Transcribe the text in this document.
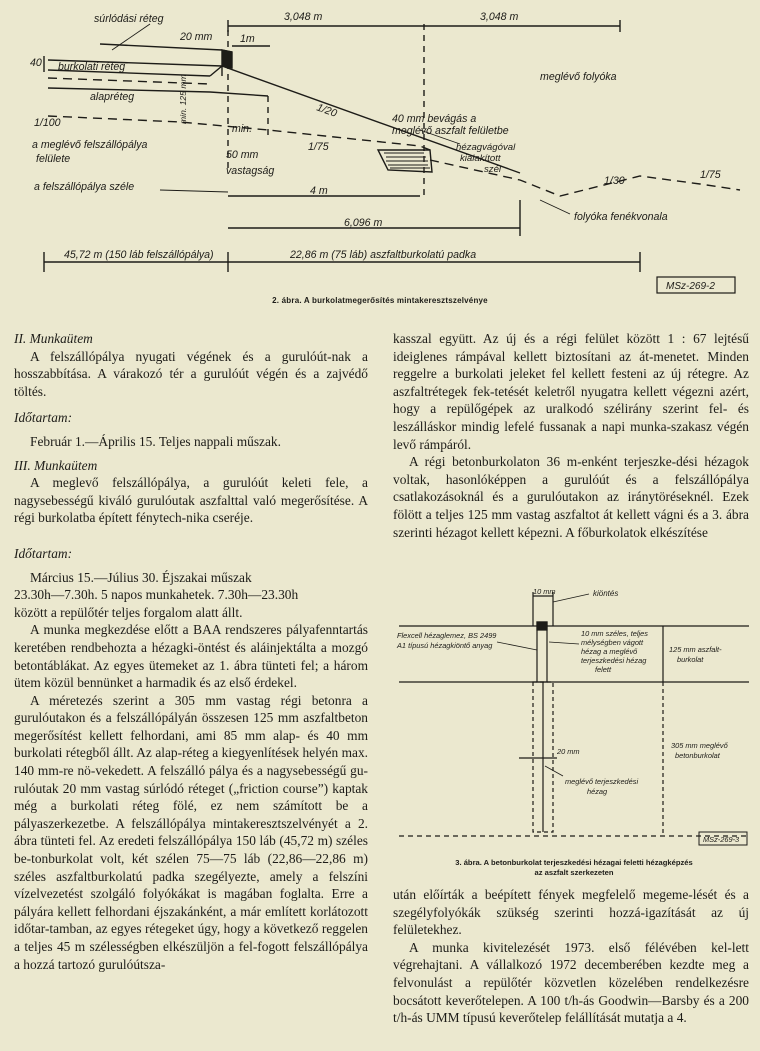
súrlódási réteg
20 mm	1m
3,048 m	3,048 m
40 burkolati réteg
alapréteg	min. 125 mm
1/100
1/20
a meglévő felszállópálya
felülete
min.
50 mm
vastagság
1/75
40 mm bevágás a
meglévő aszfalt felületbe
hézagvágóval
kialakított
szél
meglévő folyóka
a felszállópálya széle	4 m
1/30	1/75
folyóka fenékvonala
6,096 m
45,72 m (150 láb felszállópálya)	22,86 m (75 láb) aszfaltburkolatú padka
MSz-269-2
2. ábra. A burkolatmegerősítés mintakeresztszelvénye
II. Munkaütem

A felszállópálya nyugati végének és a gurulóút-nak a hosszabbítása. A várakozó tér a gurulóút végén és a zajvédő töltés.

Időtartam:

Február 1.—Április 15. Teljes nappali műszak.

III. Munkaütem

A meglevő felszállópálya, a gurulóút keleti fele, a nagysebességű kiváló gurulóutak aszfalttal való megerősítése. A régi burkolatba épített fénytech-nika cseréje.

Időtartam:

Március 15.—Július 30. Éjszakai műszak

23.30h—7.30h. 5 napos munkahetek. 7.30h—23.30h

között a repülőtér teljes forgalom alatt állt.

A munka megkezdése előtt a BAA rendszeres pályafenntartás keretében rendbehozta a hézagki-öntést és aláinjektálta a mozgó betontáblákat. Az egyes ütemeket az 1. ábra tünteti fel; a három ütem közül bennünket a harmadik és az első érdekel.

A méretezés szerint a 305 mm vastag régi betonra a gurulóutakon és a felszállópályán összesen 125 mm aszfaltbeton megerősítést kellett felhordani, ami 85 mm alap- és 40 mm burkolati rétegből állt. Az alap-réteg a kiegyenlítések helyén max. 140 mm-re nö-vekedett. A felszálló pálya és a nagysebességű gu-rulóutak 20 mm vastag súrlódó réteget („friction course”) kaptak még a burkolati réteg fölé, ez nem számított be a pályaszerkezetbe. A felszállópálya mintakeresztszelvényét a 2. ábra tünteti fel. Az eredeti felszállópálya 150 láb (45,72 m) széles be-tonburkolat volt, két szélen 75—75 láb (22,86—22,86 m) széles aszfaltburkolatú padka szegélyezte, amely a felszíni vízelvezetést szolgáló folyókákat is magában foglalta. Erre a pályára kellett felhordani éjszakánként, a már említett korlátozott időtar-tamban, az egyes rétegeket úgy, hogy a következő reggelen a teljes 45 m szélességben elkészüljön a fel-fogott felszállópálya a hozzá tartozó gurulóútsza-

kasszal együtt. Az új és a régi felület között 1 : 67 lejtésű ideiglenes rámpával kellett biztosítani az át-menetet. Minden reggelre a burkolati jeleket fel kellett festeni az új rétegre. Az aszfaltrétegek fek-tetését keletről nyugatra kellett végezni azért, hogy a repülőgépek az uralkodó szélirány szerint fel- és leszálláskor mindig lefelé fussanak a napi munka-szakasz végén levő rámpáról.

A régi betonburkolaton 36 m-enként terjeszke-dési hézagok voltak, hasonlóképpen a gurulóút és a felszállópálya csatlakozásoknál és a gurulóutakon az iránytöréseknél. Ezek fölött a teljes 125 mm vastag aszfaltot át kellett vágni és a 3. ábra szerinti hézagot kellett képezni. A főburkolatok elkészítése

10 mm	kiöntés
Flexcell hézaglemez, BS 2499
A1 típusú hézagkiöntő anyag
10 mm széles, teljes
mélységben vágott
hézag a meglévő
terjeszkedési hézag
felett
125 mm aszfalt-
burkolat
20 mm
305 mm meglévő
betonburkolat
meglévő terjeszkedési
hézag
MSz-269-3
3. ábra. A betonburkolat terjeszkedési hézagai feletti hézagképzés
az aszfalt szerkezeten

után előírták a beépített fények megfelelő megeme-lését és a szegélyfolyókák szükség szerinti hozzá-igazítását az új felületekhez.

A munka kivitelezését 1973. első félévében kel-lett végrehajtani. A vállalkozó 1972 decemberében kezdte meg a felvonulást a repülőtér közvetlen közelében rendelkezésre bocsátott keverőtelepen. A 100 t/h-ás Goodwin—Barsby és a 200 t/h-ás UMM típusú keverőtelep felállítását mutatja a 4.
